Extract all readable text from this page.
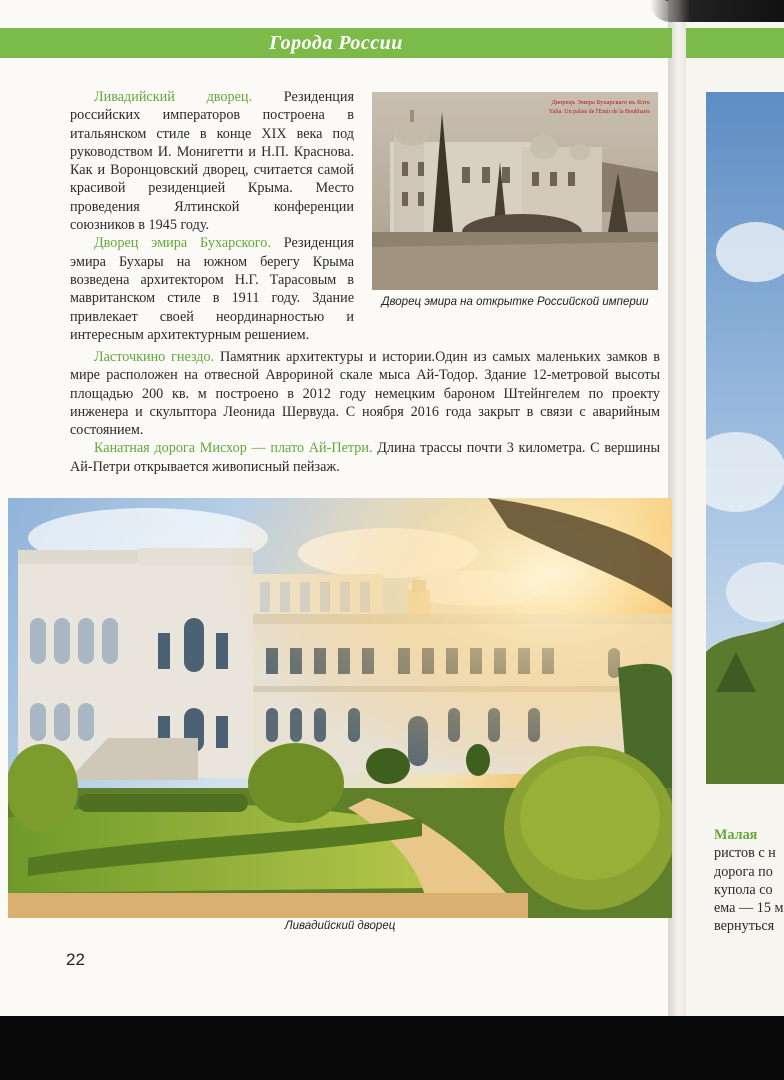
Города России

Ливадийский дворец. Резиденция российских императоров построена в итальянском стиле в конце XIX века под руководством И. Монигетти и Н.П. Краснова. Как и Воронцовский дворец, считается самой красивой резиденцией Крыма. Место проведения Ялтинской конференции союзников в 1945 году.

Дворец эмира Бухарского. Резиденция эмира Бухары на южном берегу Крыма возведена архитектором Н.Г. Тарасовым в мавританском стиле в 1911 году. Здание привлекает своей неординарностью и интересным архитектурным решением.

Дворецъ Эмира Бухарскаго въ Ялте
Yalta. Un palais de l'Emir de la Boukharie
Дворец эмира на открытке Российской империи

Ласточкино гнездо. Памятник архитектуры и истории.Один из самых маленьких замков в мире расположен на отвесной Аврориной скале мыса Ай-Тодор. Здание 12-метровой высоты площадью 200 кв. м построено в 2012 году немецким бароном Штейнгелем по проекту инженера и скульптора Леонида Шервуда. С ноября 2016 года закрыт в связи с аварийным состоянием.

Канатная дорога Мисхор — плато Ай-Петри. Длина трассы почти 3 километра. С вершины Ай-Петри открывается живописный пейзаж.

Ливадийский дворец
22
Малая
ристов с н
дорога по
купола со
ема — 15 м
вернуться
